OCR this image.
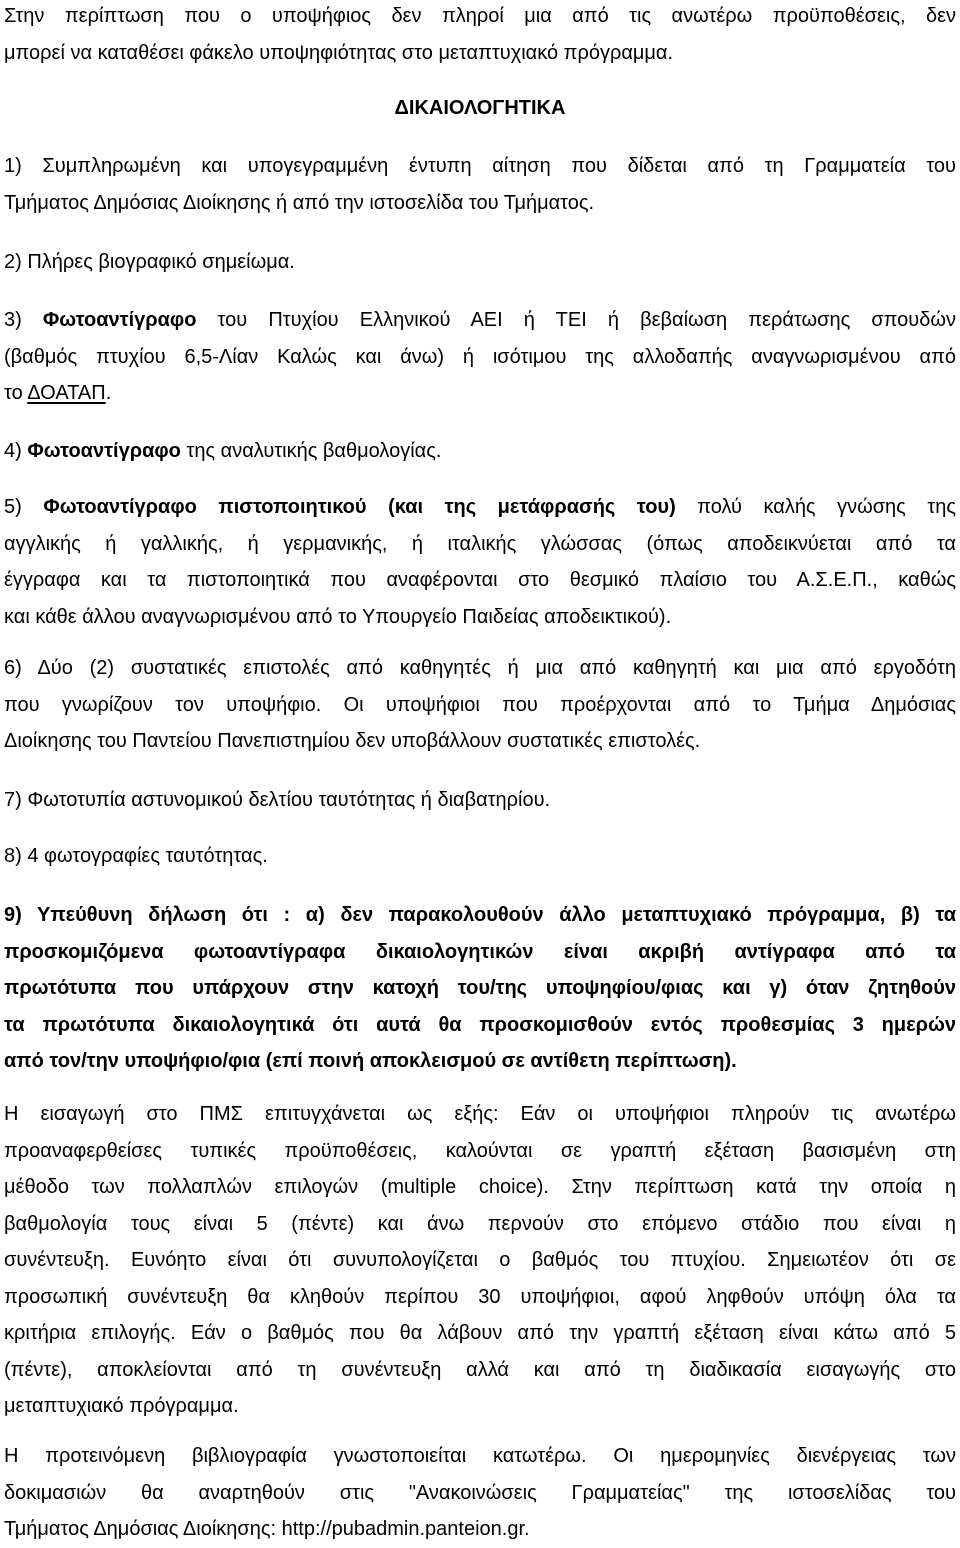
Στην περίπτωση που ο υποψήφιος δεν πληροί μια από τις ανωτέρω προϋποθέσεις, δεν
μπορεί να καταθέσει φάκελο υποψηφιότητας στο μεταπτυχιακό πρόγραμμα.
ΔΙΚΑΙΟΛΟΓΗΤΙΚΑ
1) Συμπληρωμένη και υπογεγραμμένη έντυπη αίτηση που δίδεται από τη Γραμματεία του
Τμήματος Δημόσιας Διοίκησης ή από την ιστοσελίδα του Τμήματος.
2) Πλήρες βιογραφικό σημείωμα.
3) Φωτοαντίγραφο του Πτυχίου Ελληνικού ΑΕΙ ή ΤΕΙ ή βεβαίωση περάτωσης σπουδών
(βαθμός πτυχίου 6,5-Λίαν Καλώς και άνω) ή ισότιμου της αλλοδαπής αναγνωρισμένου από
το ΔΟΑΤΑΠ.
4) Φωτοαντίγραφο της αναλυτικής βαθμολογίας.
5) Φωτοαντίγραφο πιστοποιητικού (και της μετάφρασής του) πολύ καλής γνώσης της
αγγλικής ή γαλλικής, ή γερμανικής, ή ιταλικής γλώσσας (όπως αποδεικνύεται από τα
έγγραφα και τα πιστοποιητικά που αναφέρονται στο θεσμικό πλαίσιο του Α.Σ.Ε.Π., καθώς
και κάθε άλλου αναγνωρισμένου από το Υπουργείο Παιδείας αποδεικτικού).
6) Δύο (2) συστατικές επιστολές από καθηγητές ή μια από καθηγητή και μια από εργοδότη
που γνωρίζουν τον υποψήφιο. Οι υποψήφιοι που προέρχονται από το Τμήμα Δημόσιας
Διοίκησης του Παντείου Πανεπιστημίου δεν υποβάλλουν συστατικές επιστολές.
7) Φωτοτυπία αστυνομικού δελτίου ταυτότητας ή διαβατηρίου.
8) 4 φωτογραφίες ταυτότητας.
9) Υπεύθυνη δήλωση ότι : α) δεν παρακολουθούν άλλο μεταπτυχιακό πρόγραμμα, β) τα
προσκομιζόμενα φωτοαντίγραφα δικαιολογητικών είναι ακριβή αντίγραφα από τα
πρωτότυπα που υπάρχουν στην κατοχή του/της υποψηφίου/φιας και γ) όταν ζητηθούν
τα πρωτότυπα δικαιολογητικά ότι αυτά θα προσκομισθούν εντός προθεσμίας 3 ημερών
από τον/την υποψήφιο/φια (επί ποινή αποκλεισμού σε αντίθετη περίπτωση).
Η εισαγωγή στο ΠΜΣ επιτυγχάνεται ως εξής: Εάν οι υποψήφιοι πληρούν τις ανωτέρω
προαναφερθείσες τυπικές προϋποθέσεις, καλούνται σε γραπτή εξέταση βασισμένη στη
μέθοδο των πολλαπλών επιλογών (multiple choice). Στην περίπτωση κατά την οποία η
βαθμολογία τους είναι 5 (πέντε) και άνω περνούν στο επόμενο στάδιο που είναι η
συνέντευξη. Ευνόητο είναι ότι συνυπολογίζεται ο βαθμός του πτυχίου. Σημειωτέον ότι σε
προσωπική συνέντευξη θα κληθούν περίπου 30 υποψήφιοι, αφού ληφθούν υπόψη όλα τα
κριτήρια επιλογής. Εάν ο βαθμός που θα λάβουν από την γραπτή εξέταση είναι κάτω από 5
(πέντε), αποκλείονται από τη συνέντευξη αλλά και από τη διαδικασία εισαγωγής στο
μεταπτυχιακό πρόγραμμα.
Η προτεινόμενη βιβλιογραφία γνωστοποιείται κατωτέρω. Οι ημερομηνίες διενέργειας των
δοκιμασιών θα αναρτηθούν στις "Ανακοινώσεις Γραμματείας" της ιστοσελίδας του
Τμήματος Δημόσιας Διοίκησης: http://pubadmin.panteion.gr.
